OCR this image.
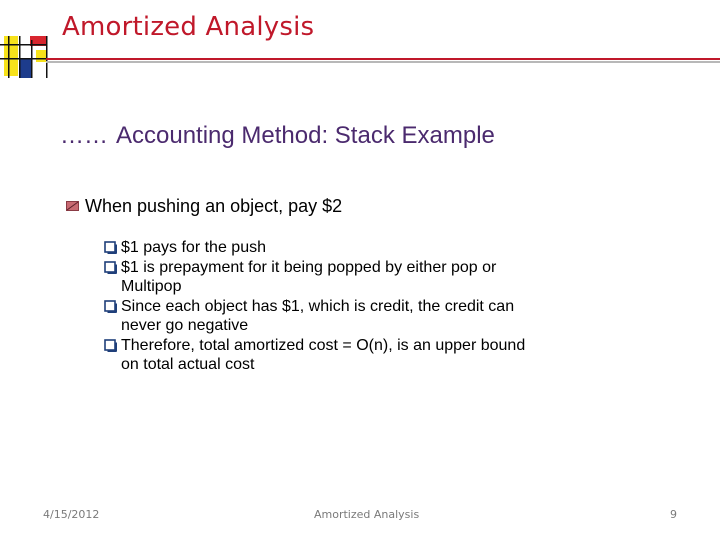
Amortized Analysis
…… Accounting Method: Stack Example
When pushing an object, pay $2
$1 pays for the push
$1 is prepayment for it being popped by either pop or Multipop
Since each object has $1, which is credit, the credit can never go negative
Therefore, total amortized cost = O(n), is an upper bound on total actual cost
4/15/2012	Amortized Analysis	9
